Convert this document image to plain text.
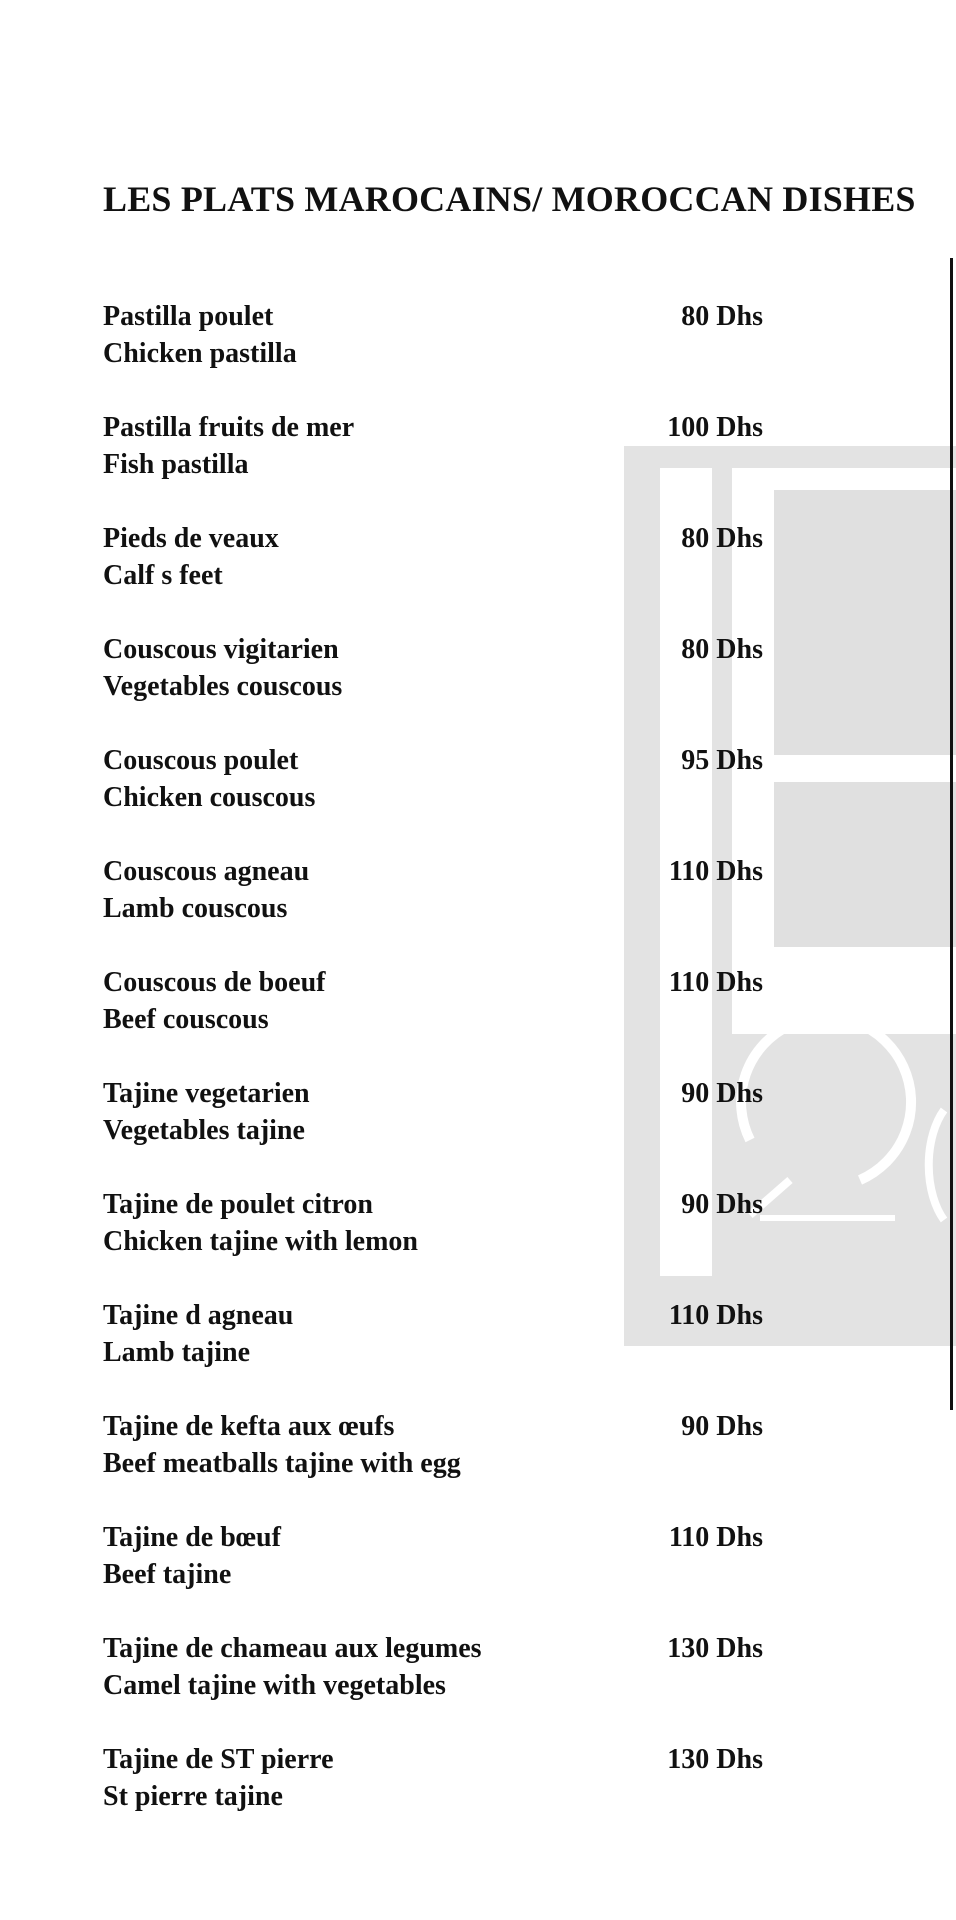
LES PLATS MAROCAINS/ MOROCCAN DISHES
Pastilla poulet
Chicken pastilla
80 Dhs
Pastilla fruits de mer
Fish pastilla
100 Dhs
Pieds de veaux
Calf s feet
80 Dhs
Couscous vigitarien
Vegetables couscous
80 Dhs
Couscous poulet
Chicken couscous
95 Dhs
Couscous agneau
Lamb couscous
110 Dhs
Couscous de boeuf
Beef couscous
110 Dhs
Tajine vegetarien
Vegetables tajine
90 Dhs
Tajine de poulet citron
Chicken tajine with lemon
90 Dhs
Tajine d agneau
Lamb tajine
110 Dhs
Tajine de kefta aux œufs
Beef meatballs tajine with egg
90 Dhs
Tajine de bœuf
Beef tajine
110 Dhs
Tajine de chameau aux legumes
Camel tajine with vegetables
130 Dhs
Tajine de ST pierre
St pierre tajine
130 Dhs
